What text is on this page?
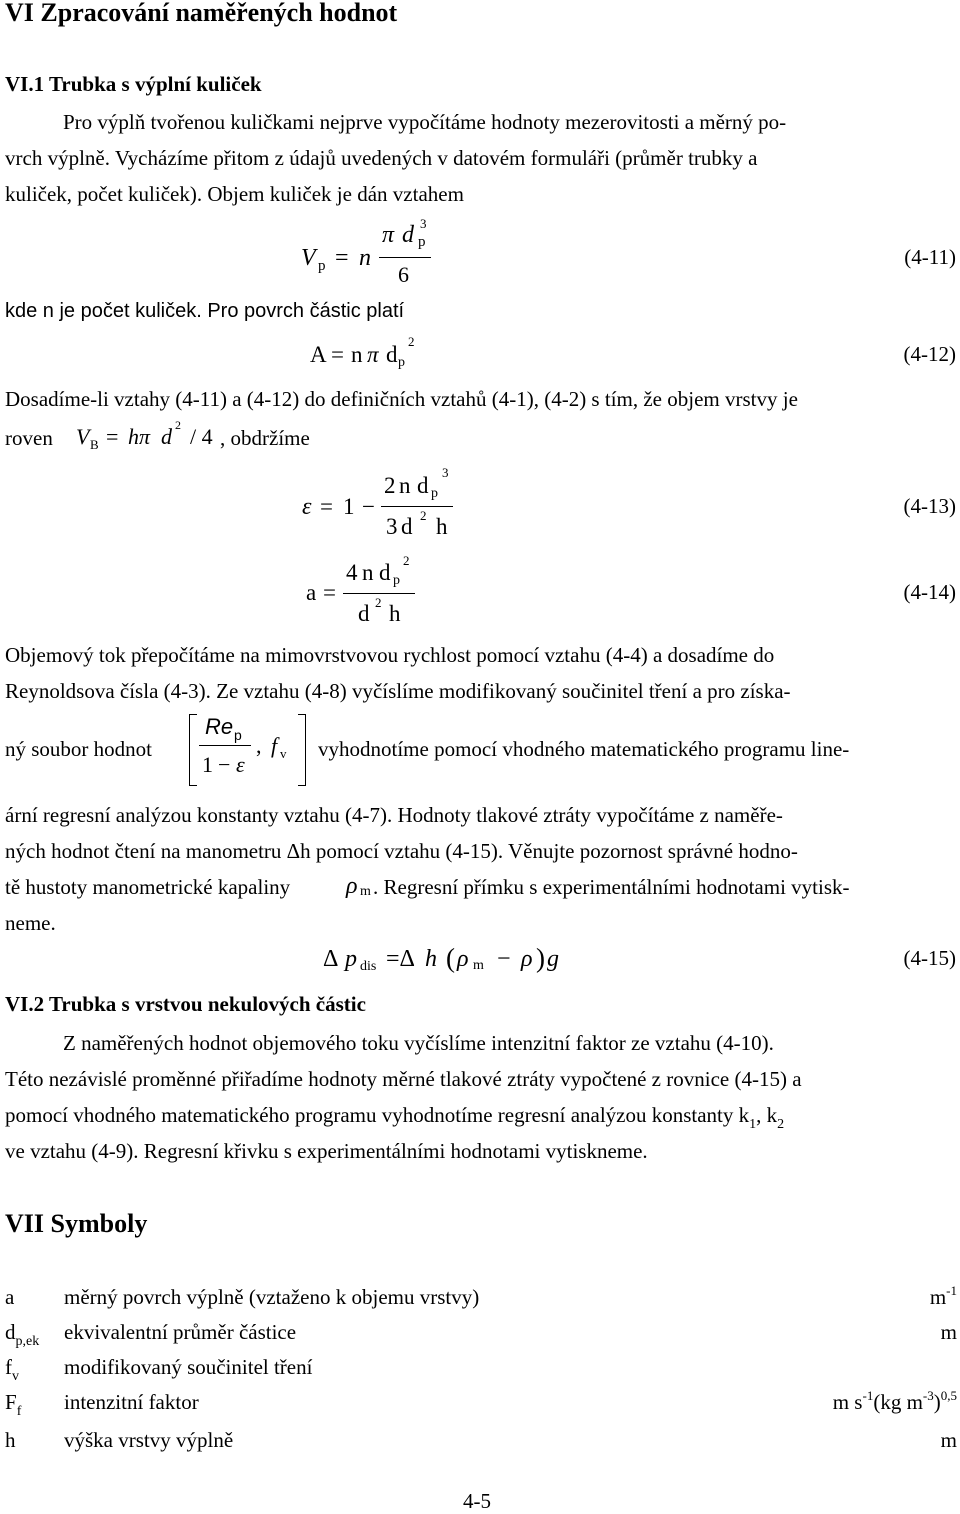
VI Zpracování naměřených hodnot
VI.1 Trubka s výplní kuliček
Pro výplň tvořenou kuličkami nejprve vypočítáme hodnoty mezerovitosti a měrný po-
vrch výplně. Vycházíme přitom z údajů uvedených v datovém formuláři (průměr trubky a
kuliček, počet kuliček). Objem kuliček je dán vztahem
V p = n
π d 3
p
6
(4-11)
kde n je počet kuliček. Pro povrch částic platí
A = n π d
2
p	(4-12)
Dosadíme-li vztahy (4-11) a (4-12) do definičních vztahů (4-1), (4-2) s tím, že objem vrstvy je
roven V B = hπ d 2 / 4 , obdržíme
ε = 1 −
2 n d
3
p
3 d 2 h
(4-13)
a =
4 n d 2
p
d 2 h
(4-14)
Objemový tok přepočítáme na mimovrstvovou rychlost pomocí vztahu (4-4) a dosadíme do
Reynoldsova čísla (4-3). Ze vztahu (4-8) vyčíslíme modifikovaný součinitel tření a pro získa-
ný soubor hodnot
Re p
1 − ε
, f v vyhodnotíme pomocí vhodného matematického programu line-
ární regresní analýzou konstanty vztahu (4-7). Hodnoty tlakové ztráty vypočítáme z naměře-
ných hodnot čtení na manometru Δh pomocí vztahu (4-15). Věnujte pozornost správné hodno-
tě hustoty manometrické kapaliny ρ m . Regresní přímku s experimentálními hodnotami vytisk-
neme.
Δ p dis =Δ h ( ρ m − ρ ) g	(4-15)
VI.2 Trubka s vrstvou nekulových částic
Z naměřených hodnot objemového toku vyčíslíme intenzitní faktor ze vztahu (4-10).
Této nezávislé proměnné přiřadíme hodnoty měrné tlakové ztráty vypočtené z rovnice (4-15) a
pomocí vhodného matematického programu vyhodnotíme regresní analýzou konstanty $k_1$, $k_2$
ve vztahu (4-9). Regresní křivku s experimentálními hodnotami vytiskneme.
VII Symboly
a měrný povrch výplně (vztaženo k objemu vrstvy)	$m^{-1}$
$d_{p,ek}$ ekvivalentní průměr částice	m
$f_v$ modifikovaný součinitel tření
$F_f$ intenzitní faktor	m $s^{-1}(kg$ $m^{-3})^{0,5}$
h výška vrstvy výplně	m
4-5
